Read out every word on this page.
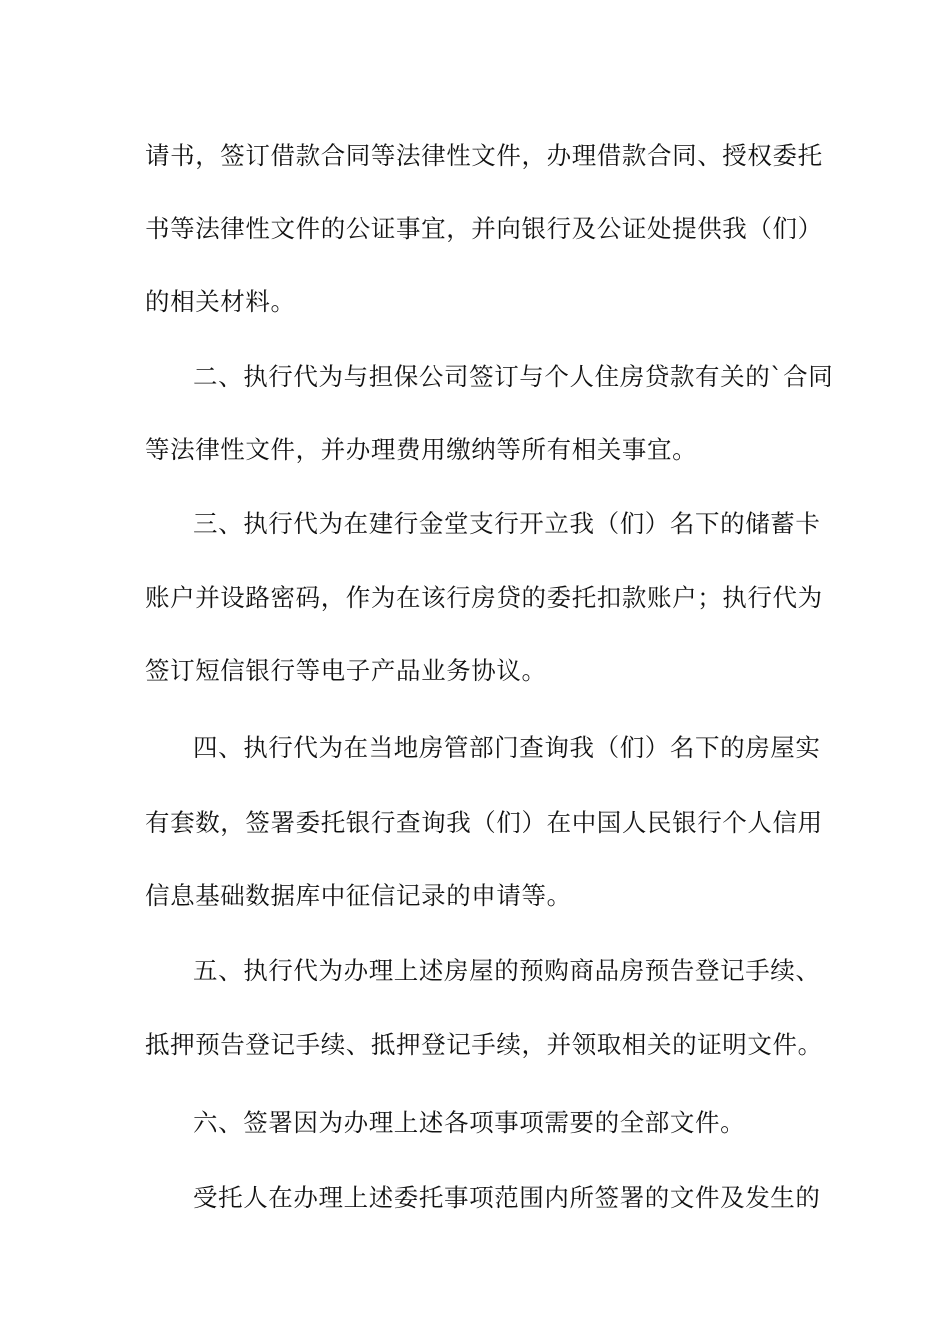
请书，签订借款合同等法律性文件，办理借款合同、授权委托
书等法律性文件的公证事宜，并向银行及公证处提供我（们）
的相关材料。
二、执行代为与担保公司签订与个人住房贷款有关的`合同
等法律性文件，并办理费用缴纳等所有相关事宜。
三、执行代为在建行金堂支行开立我（们）名下的储蓄卡
账户并设路密码，作为在该行房贷的委托扣款账户；执行代为
签订短信银行等电子产品业务协议。
四、执行代为在当地房管部门查询我（们）名下的房屋实
有套数，签署委托银行查询我（们）在中国人民银行个人信用
信息基础数据库中征信记录的申请等。
五、执行代为办理上述房屋的预购商品房预告登记手续、
抵押预告登记手续、抵押登记手续，并领取相关的证明文件。
六、签署因为办理上述各项事项需要的全部文件。
受托人在办理上述委托事项范围内所签署的文件及发生的
